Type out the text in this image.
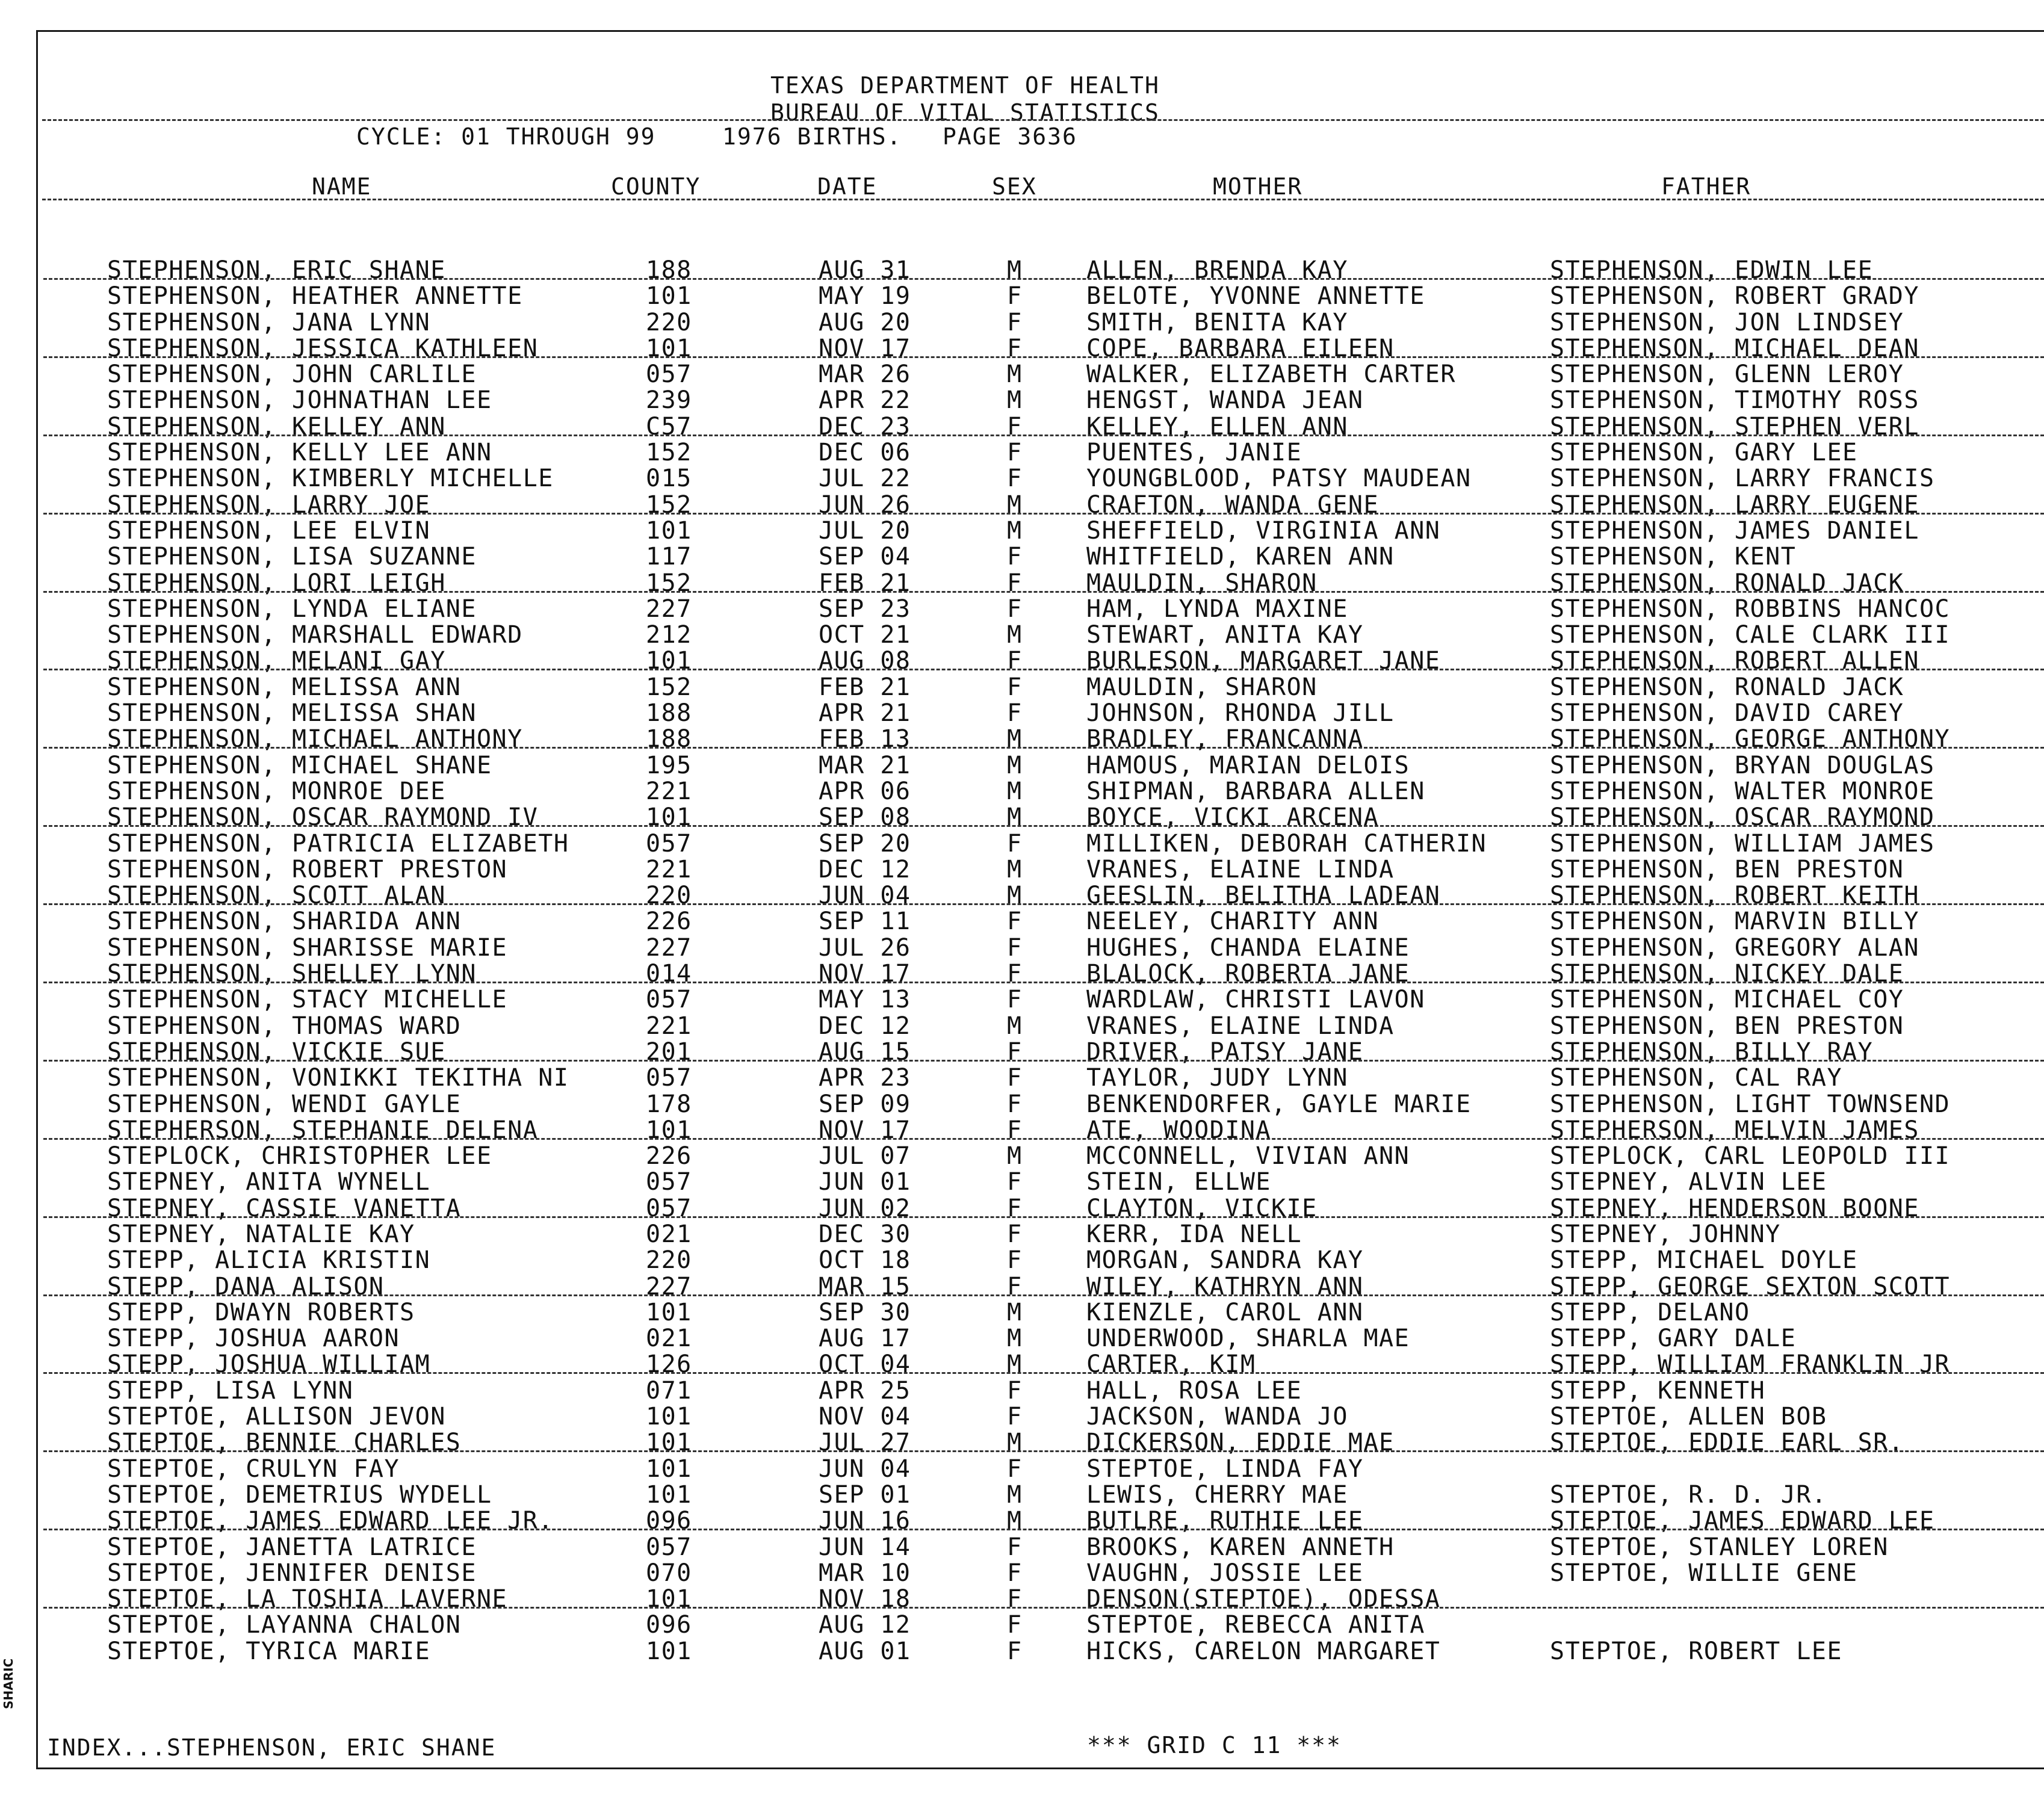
TEXAS DEPARTMENT OF HEALTH
BUREAU OF VITAL STATISTICS
CYCLE: 01 THROUGH 99	1976 BIRTHS. PAGE 3636
NAME	COUNTY	DATE	SEX	MOTHER	FATHER
STEPHENSON, ERIC SHANE	188	AUG 31	M	ALLEN, BRENDA KAY	STEPHENSON, EDWIN LEE
STEPHENSON, HEATHER ANNETTE	101	MAY 19	F	BELOTE, YVONNE ANNETTE	STEPHENSON, ROBERT GRADY
STEPHENSON, JANA LYNN	220	AUG 20	F	SMITH, BENITA KAY	STEPHENSON, JON LINDSEY
STEPHENSON, JESSICA KATHLEEN	101	NOV 17	F	COPE, BARBARA EILEEN	STEPHENSON, MICHAEL DEAN
STEPHENSON, JOHN CARLILE	057	MAR 26	M	WALKER, ELIZABETH CARTER	STEPHENSON, GLENN LEROY
STEPHENSON, JOHNATHAN LEE	239	APR 22	M	HENGST, WANDA JEAN	STEPHENSON, TIMOTHY ROSS
STEPHENSON, KELLEY ANN	C57	DEC 23	F	KELLEY, ELLEN ANN	STEPHENSON, STEPHEN VERL
STEPHENSON, KELLY LEE ANN	152	DEC 06	F	PUENTES, JANIE	STEPHENSON, GARY LEE
STEPHENSON, KIMBERLY MICHELLE	015	JUL 22	F	YOUNGBLOOD, PATSY MAUDEAN	STEPHENSON, LARRY FRANCIS
STEPHENSON, LARRY JOE	152	JUN 26	M	CRAFTON, WANDA GENE	STEPHENSON, LARRY EUGENE
STEPHENSON, LEE ELVIN	101	JUL 20	M	SHEFFIELD, VIRGINIA ANN	STEPHENSON, JAMES DANIEL
STEPHENSON, LISA SUZANNE	117	SEP 04	F	WHITFIELD, KAREN ANN	STEPHENSON, KENT
STEPHENSON, LORI LEIGH	152	FEB 21	F	MAULDIN, SHARON	STEPHENSON, RONALD JACK
STEPHENSON, LYNDA ELIANE	227	SEP 23	F	HAM, LYNDA MAXINE	STEPHENSON, ROBBINS HANCOC
STEPHENSON, MARSHALL EDWARD	212	OCT 21	M	STEWART, ANITA KAY	STEPHENSON, CALE CLARK III
STEPHENSON, MELANI GAY	101	AUG 08	F	BURLESON, MARGARET JANE	STEPHENSON, ROBERT ALLEN
STEPHENSON, MELISSA ANN	152	FEB 21	F	MAULDIN, SHARON	STEPHENSON, RONALD JACK
STEPHENSON, MELISSA SHAN	188	APR 21	F	JOHNSON, RHONDA JILL	STEPHENSON, DAVID CAREY
STEPHENSON, MICHAEL ANTHONY	188	FEB 13	M	BRADLEY, FRANCANNA	STEPHENSON, GEORGE ANTHONY
STEPHENSON, MICHAEL SHANE	195	MAR 21	M	HAMOUS, MARIAN DELOIS	STEPHENSON, BRYAN DOUGLAS
STEPHENSON, MONROE DEE	221	APR 06	M	SHIPMAN, BARBARA ALLEN	STEPHENSON, WALTER MONROE
STEPHENSON, OSCAR RAYMOND IV	101	SEP 08	M	BOYCE, VICKI ARCENA	STEPHENSON, OSCAR RAYMOND
STEPHENSON, PATRICIA ELIZABETH	057	SEP 20	F	MILLIKEN, DEBORAH CATHERIN	STEPHENSON, WILLIAM JAMES
STEPHENSON, ROBERT PRESTON	221	DEC 12	M	VRANES, ELAINE LINDA	STEPHENSON, BEN PRESTON
STEPHENSON, SCOTT ALAN	220	JUN 04	M	GEESLIN, BELITHA LADEAN	STEPHENSON, ROBERT KEITH
STEPHENSON, SHARIDA ANN	226	SEP 11	F	NEELEY, CHARITY ANN	STEPHENSON, MARVIN BILLY
STEPHENSON, SHARISSE MARIE	227	JUL 26	F	HUGHES, CHANDA ELAINE	STEPHENSON, GREGORY ALAN
STEPHENSON, SHELLEY LYNN	014	NOV 17	F	BLALOCK, ROBERTA JANE	STEPHENSON, NICKEY DALE
STEPHENSON, STACY MICHELLE	057	MAY 13	F	WARDLAW, CHRISTI LAVON	STEPHENSON, MICHAEL COY
STEPHENSON, THOMAS WARD	221	DEC 12	M	VRANES, ELAINE LINDA	STEPHENSON, BEN PRESTON
STEPHENSON, VICKIE SUE	201	AUG 15	F	DRIVER, PATSY JANE	STEPHENSON, BILLY RAY
STEPHENSON, VONIKKI TEKITHA NI	057	APR 23	F	TAYLOR, JUDY LYNN	STEPHENSON, CAL RAY
STEPHENSON, WENDI GAYLE	178	SEP 09	F	BENKENDORFER, GAYLE MARIE	STEPHENSON, LIGHT TOWNSEND
STEPHERSON, STEPHANIE DELENA	101	NOV 17	F	ATE, WOODINA	STEPHERSON, MELVIN JAMES
STEPLOCK, CHRISTOPHER LEE	226	JUL 07	M	MCCONNELL, VIVIAN ANN	STEPLOCK, CARL LEOPOLD III
STEPNEY, ANITA WYNELL	057	JUN 01	F	STEIN, ELLWE	STEPNEY, ALVIN LEE
STEPNEY, CASSIE VANETTA	057	JUN 02	F	CLAYTON, VICKIE	STEPNEY, HENDERSON BOONE
STEPNEY, NATALIE KAY	021	DEC 30	F	KERR, IDA NELL	STEPNEY, JOHNNY
STEPP, ALICIA KRISTIN	220	OCT 18	F	MORGAN, SANDRA KAY	STEPP, MICHAEL DOYLE
STEPP, DANA ALISON	227	MAR 15	F	WILEY, KATHRYN ANN	STEPP, GEORGE SEXTON SCOTT
STEPP, DWAYN ROBERTS	101	SEP 30	M	KIENZLE, CAROL ANN	STEPP, DELANO
STEPP, JOSHUA AARON	021	AUG 17	M	UNDERWOOD, SHARLA MAE	STEPP, GARY DALE
STEPP, JOSHUA WILLIAM	126	OCT 04	M	CARTER, KIM	STEPP, WILLIAM FRANKLIN JR
STEPP, LISA LYNN	071	APR 25	F	HALL, ROSA LEE	STEPP, KENNETH
STEPTOE, ALLISON JEVON	101	NOV 04	F	JACKSON, WANDA JO	STEPTOE, ALLEN BOB
STEPTOE, BENNIE CHARLES	101	JUL 27	M	DICKERSON, EDDIE MAE	STEPTOE, EDDIE EARL SR.
STEPTOE, CRULYN FAY	101	JUN 04	F	STEPTOE, LINDA FAY
STEPTOE, DEMETRIUS WYDELL	101	SEP 01	M	LEWIS, CHERRY MAE	STEPTOE, R. D. JR.
STEPTOE, JAMES EDWARD LEE JR.	096	JUN 16	M	BUTLRE, RUTHIE LEE	STEPTOE, JAMES EDWARD LEE
STEPTOE, JANETTA LATRICE	057	JUN 14	F	BROOKS, KAREN ANNETH	STEPTOE, STANLEY LOREN
STEPTOE, JENNIFER DENISE	070	MAR 10	F	VAUGHN, JOSSIE LEE	STEPTOE, WILLIE GENE
STEPTOE, LA TOSHIA LAVERNE	101	NOV 18	F	DENSON(STEPTOE), ODESSA
STEPTOE, LAYANNA CHALON	096	AUG 12	F	STEPTOE, REBECCA ANITA
STEPTOE, TYRICA MARIE	101	AUG 01	F	HICKS, CARELON MARGARET	STEPTOE, ROBERT LEE
INDEX...STEPHENSON, ERIC SHANE	*** GRID C 11 ***
SHARIC
